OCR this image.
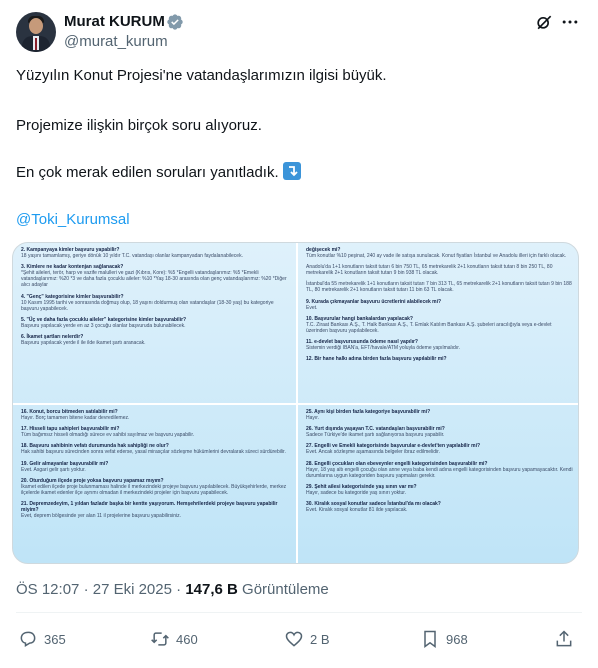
Murat KURUM
@murat_kurum

Yüzyılın Konut Projesi'ne vatandaşlarımızın ilgisi büyük.

Projemize ilişkin birçok soru alıyoruz.

En çok merak edilen soruları yanıtladık.

@Toki_Kurumsal

2. Kampanyaya kimler başvuru yapabilir?
18 yaşını tamamlamış, geriye dönük 10 yıldır T.C. vatandaşı olanlar kampanyadan faydalanabilecek.
3. Kimlere ne kadar kontenjan sağlanacak?
*Şehit aileleri, terör, harp ve vazife malulleri ve gazi (Kıbrıs, Kore): %5 *Engelli vatandaşlarımız: %5 *Emekli vatandaşlarımız: %20 *3 ve daha fazla çocuklu aileler: %10 *Yaş 18-30 arasında olan genç vatandaşlarımız: %20 *Diğer alıcı adaylar
4. "Genç" kategorisine kimler başvurabilir?
10 Kasım 1995 tarihi ve sonrasında doğmuş olup, 18 yaşını doldurmuş olan vatandaşlar (18-30 yaş) bu kategoriye başvuru yapabilecek.
5. "Üç ve daha fazla çocuklu aileler" kategorisine kimler başvurabilir?
Başvuru yapılacak yerde en az 3 çocuğu olanlar başvuruda bulunabilecek.
6. İkamet şartları nelerdir?
Başvuru yapılacak yerde il ile ilde ikamet şartı aranacak.
değişecek mi?
Tüm konutlar %10 peşinat, 240 ay vade ile satışa sunulacak. Konut fiyatları İstanbul ve Anadolu illeri için farklı olacak.
Anadolu'da 1+1 konutların taksit tutarı 6 bin 750 TL, 65 metrekarelik 2+1 konutların taksit tutarı 8 bin 250 TL, 80 metrekarelik 2+1 konutların taksit tutarı 9 bin 938 TL olacak.
İstanbul'da 55 metrekarelik 1+1 konutların taksit tutarı 7 bin 313 TL, 65 metrekarelik 2+1 konutların taksit tutarı 9 bin 188 TL, 80 metrekarelik 2+1 konutların taksit tutarı 11 bin 63 TL olacak.
9. Kurada çıkmayanlar başvuru ücretlerini alabilecek mi?
Evet.
10. Başvurular hangi bankalardan yapılacak?
T.C. Ziraat Bankası A.Ş., T. Halk Bankası A.Ş., T. Emlak Katılım Bankası A.Ş. şubeleri aracılığıyla veya e-devlet üzerinden başvuru yapılabilecek.
11. e-devlet başvurusunda ödeme nasıl yapılır?
Sistemin verdiği IBAN'a, EFT/havale/ATM yoluyla ödeme yapılmalıdır.
12. Bir hane halkı adına birden fazla başvuru yapılabilir mi?
16. Konut, borcu bitmeden satılabilir mi?
Hayır. Borç tamamen bitene kadar devredilemez.
17. Hisseli tapu sahipleri başvurabilir mi?
Tüm bağımsız hisseli olmadığı sürece ev sahibi sayılmaz ve başvuru yapabilir.
18. Başvuru sahibinin vefatı durumunda hak sahipliği ne olur?
Hak sahibi başvuru sürecinden sonra vefat ederse, yasal mirasçılar sözleşme hükümlerini devralarak süreci sürdürebilir.
19. Gelir almayanlar başvurabilir mi?
Evet. Asgari gelir şartı yoktur.
20. Oturduğum ilçede proje yoksa başvuru yapamaz mıyım?
İkamet edilen ilçede proje bulunmaması halinde il merkezindeki projeye başvuru yapılabilecek. Büyükşehirlerde, merkez ilçelerde ikamet edenler ilçe ayrımı olmadan il merkezindeki projeler için başvuru yapabilecek.
21. Depremzedeyim, 1 yıldan fazladır başka bir kentte yaşıyorum. Hemşehrilerdeki projeye başvuru yapabilir miyim?
Evet, deprem bölgesinde yer alan 11 il projelerine başvuru yapabilirsiniz.
25. Aynı kişi birden fazla kategoriye başvurabilir mi?
Hayır.
26. Yurt dışında yaşayan T.C. vatandaşları başvurabilir mi?
Sadece Türkiye'de ikamet şartı sağlanıyorsa başvuru yapabilir.
27. Engelli ve Emekli kategorisinde başvurular e-devlet'ten yapılabilir mi?
Evet. Ancak sözleşme aşamasında belgeler ibraz edilmelidir.
28. Engelli çocukları olan ebeveynler engelli kategorisinden başvurabilir mi?
Hayır, 18 yaş altı engelli çocuğu olan anne veya baba kendi adına engelli kategorisinden başvuru yapamayacaktır. Kendi durumlarına uygun kategoriden başvuru yapmaları gerekir.
29. Şehit ailesi kategorisinde yaş sınırı var mı?
Hayır, sadece bu kategoride yaş sınırı yoktur.
30. Kiralık sosyal konutlar sadece İstanbul'da mı olacak?
Evet. Kiralık sosyal konutlar 81 ilde yapılacak.
ÖS 12:07 · 27 Eki 2025 · 147,6 B Görüntüleme
365	460	2 B	968
